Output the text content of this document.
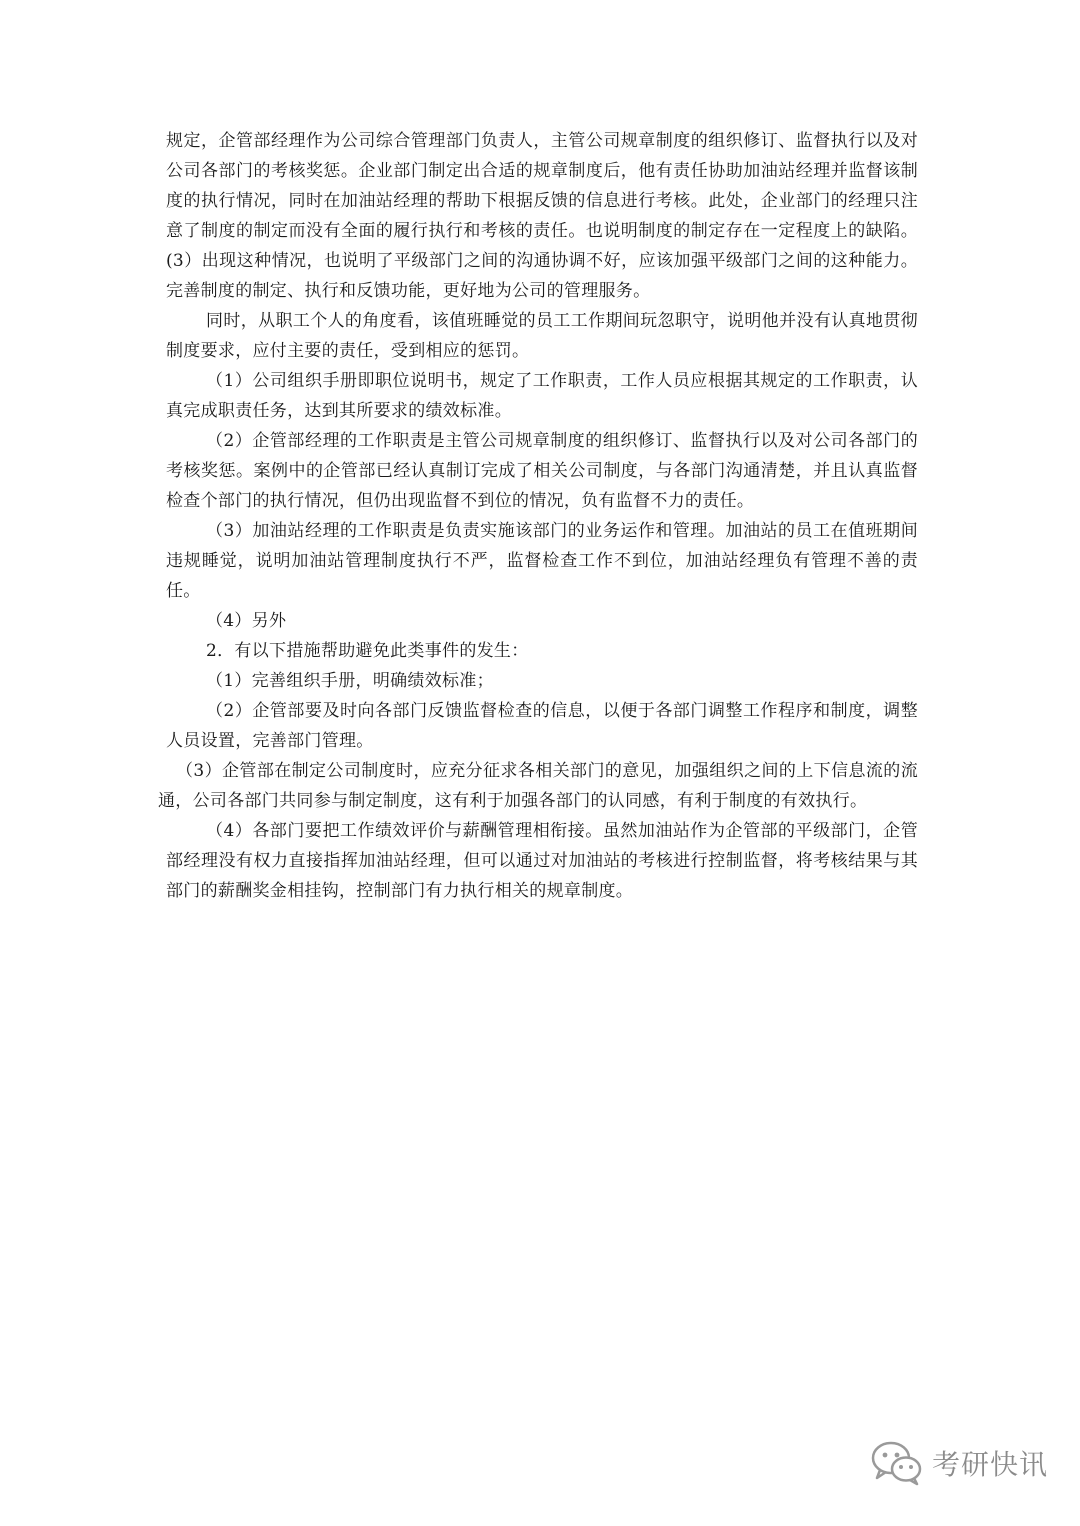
规定，企管部经理作为公司综合管理部门负责人，主管公司规章制度的组织修订、监督执行以及对公司各部门的考核奖惩。企业部门制定出合适的规章制度后，他有责任协助加油站经理并监督该制度的执行情况，同时在加油站经理的帮助下根据反馈的信息进行考核。此处，企业部门的经理只注意了制度的制定而没有全面的履行执行和考核的责任。也说明制度的制定存在一定程度上的缺陷。(3）出现这种情况，也说明了平级部门之间的沟通协调不好，应该加强平级部门之间的这种能力。完善制度的制定、执行和反馈功能，更好地为公司的管理服务。

同时，从职工个人的角度看，该值班睡觉的员工工作期间玩忽职守，说明他并没有认真地贯彻制度要求，应付主要的责任，受到相应的惩罚。

（1）公司组织手册即职位说明书，规定了工作职责，工作人员应根据其规定的工作职责，认真完成职责任务，达到其所要求的绩效标准。

（2）企管部经理的工作职责是主管公司规章制度的组织修订、监督执行以及对公司各部门的考核奖惩。案例中的企管部已经认真制订完成了相关公司制度，与各部门沟通清楚，并且认真监督检查个部门的执行情况，但仍出现监督不到位的情况，负有监督不力的责任。

（3）加油站经理的工作职责是负责实施该部门的业务运作和管理。加油站的员工在值班期间违规睡觉，说明加油站管理制度执行不严，监督检查工作不到位，加油站经理负有管理不善的责任。

（4）另外

2．有以下措施帮助避免此类事件的发生：

（1）完善组织手册，明确绩效标准；

（2）企管部要及时向各部门反馈监督检查的信息，以便于各部门调整工作程序和制度，调整人员设置，完善部门管理。

（3）企管部在制定公司制度时，应充分征求各相关部门的意见，加强组织之间的上下信息流的流通，公司各部门共同参与制定制度，这有利于加强各部门的认同感，有利于制度的有效执行。

（4）各部门要把工作绩效评价与薪酬管理相衔接。虽然加油站作为企管部的平级部门，企管部经理没有权力直接指挥加油站经理，但可以通过对加油站的考核进行控制监督，将考核结果与其部门的薪酬奖金相挂钩，控制部门有力执行相关的规章制度。

考研快讯
